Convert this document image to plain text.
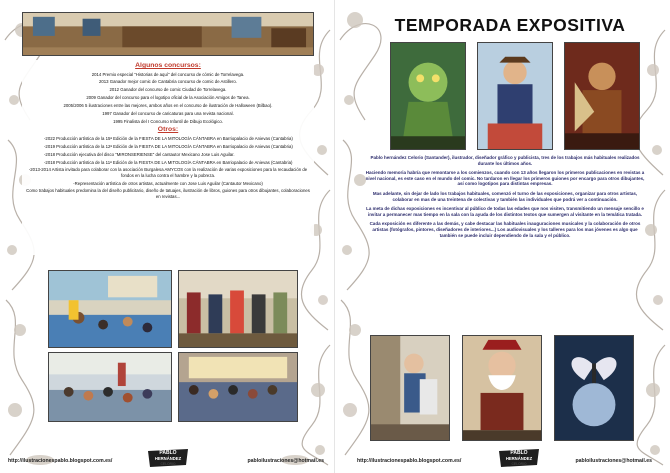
Algunos concursos:
2014 Premio especial "Historias de aquí" del concurso de cómic de Torrelavega.
2013 Ganador mejor comic de Cantabria concurso de comic de Astillero.
2012 Ganador del concurso de comic Ciudad de Torrelavega.
2009 Ganador del concurso para el logotipo oficial de la Asociación Amigos de Tanea.
2005/2006 5 ilustraciones entre las mejores, ambos años en el concurso de ilustración de Halloween (Bilbao).
1997 Ganador del concurso de caricaturas para una revista nacional.
1995 Finalista del I Concurso Infantil de Dibujo Ecológico.
Otros:
-2022 Producción artística de la 15ª Edición de la FIESTA DE LA MITOLOGÍA CÁNTABRA en Barriopalacio de Anievas (Cantabria)
-2019 Producción artística de la 12ª Edición de la FIESTA DE LA MITOLOGÍA CÁNTABRA en Barriopalacio de Anievas (Cantabria)
-2018 Producción ejecutiva del disco "MIRONSERIENSE" del cantautor Mexicano Jose Luis Aguilar.
-2018 Producción artística de la 11ª Edición de la FIESTA DE LA MITOLOGÍA CÁNTABRA en Barriopalacio de Anievas (Cantabria)
-2013-2014 Artista invitado para colaborar con la asociación Burgalesa AMYCOS con la realización de varias exposiciones para la recaudación de fondos en la lucha contra el hambre y la pobreza.
-Representación artística de otros artistas, actualmente con Jose Luis Aguilar (Cantautor Mexicano)
Como trabajos habituales predomina la del diseño publicitario, diseño de tatuajes, ilustración de libros, guiones para otros dibujantes, colaboraciones en revistas...
http://ilustracionespablo.blogspot.com.es/
PABLO
HERNÁNDEZ
CELORIO	pabloilustraciones@hotmail.es
TEMPORADA EXPOSITIVA
Pablo hernández Celorio (Santander), ilustrador, diseñador gráfico y publicista, tres de los trabajos más habituales realizados durante los últimos años.
Haciendo memoria habría que remontarse a los comienzos, cuando con 13 años llegaron los primeros publicaciones en revistas a nivel nacional, es este caso en el mundo del comic. No tardaron en llegar los primeros guiones por encargo para otros dibujantes, así como logotipos para distintas empresas.
Mas adelante, sin dejar de lado los trabajos habituales, comenzó el turno de las exposiciones, organizar para otros artistas, colaborar en mas de una treintena de colectivas y también las individuales que podrá ver a continuación.
La meta de dichas exposiciones es incentivar al público de todas las edades que nos visiten, transmitiendo un mensaje sencillo e invitar a permanecer mas tiempo en la sala con la ayuda de los distintos textos que sumergen al visitante en la temática tratada.
Cada exposición es diferente a las demás, y cabe destacar las habituales inauguraciones musicales y la colaboración de otros artistas (fotógrafos, pintores, diseñadores de interiores...) Los audiovisuales y los talleres para los mas jóvenes es algo que también se puede incluir dependiendo de la sala y el público.
http://ilustracionespablo.blogspot.com.es/
PABLO
HERNÁNDEZ
CELORIO	pabloilustraciones@hotmail.es
